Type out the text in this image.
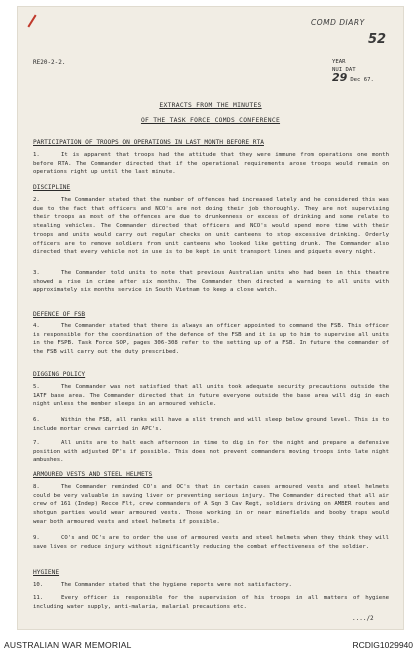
COMD DIARY
52
RE20-2-2.	YEAR
NUI DAT
29 Dec 67.
EXTRACTS FROM THE MINUTES
OF THE TASK FORCE COMDS CONFERENCE
PARTICIPATION OF TROOPS ON OPERATIONS IN LAST MONTH BEFORE RTA
1.	It is apparent that troops had the attitude that they were immune from operations one month before RTA. The Commander directed that if the operational requirements arose troops would remain on operations right up until the last minute.
DISCIPLINE
2.	The Commander stated that the number of offences had increased lately and he considered this was due to the fact that officers and NCO's are not doing their job thoroughly. They are not supervising their troops as most of the offences are due to drunkenness or excess of drinking and some relate to stealing vehicles. The Commander directed that officers and NCO's would spend more time with their troops and units would carry out regular checks on unit canteens to stop excessive drinking. Orderly officers are to remove soldiers from unit canteens who looked like getting drunk. The Commander also directed that every vehicle not in use is to be kept in unit transport lines and piquets every night.
3.	The Commander told units to note that previous Australian units who had been in this theatre showed a rise in crime after six months. The Commander then directed a warning to all units with approximately six months service in South Vietnam to keep a close watch.
DEFENCE OF FSB
4.	The Commander stated that there is always an officer appointed to command the FSB. This officer is responsible for the coordination of the defence of the FSB and it is up to him to supervise all units in the FSPB. Task Force SOP, pages 306-308 refer to the setting up of a FSB. In future the commander of the FSB will carry out the duty prescribed.
DIGGING POLICY
5.	The Commander was not satisfied that all units took adequate security precautions outside the 1ATF base area. The Commander directed that in future everyone outside the base area will dig in each night unless the member sleeps in an armoured vehicle.
6.	Within the FSB, all ranks will have a slit trench and will sleep below ground level. This is to include mortar crews carried in APC's.
7.	All units are to halt each afternoon in time to dig in for the night and prepare a defensive position with adjusted DF's if possible. This does not prevent commanders moving troops into late night ambushes.
ARMOURED VESTS AND STEEL HELMETS
8.	The Commander reminded CO's and OC's that in certain cases armoured vests and steel helmets could be very valuable in saving liver or preventing serious injury. The Commander directed that all air crew of 161 (Indep) Recce Flt, crew commanders of A Sqn 3 Cav Regt, soldiers driving on AMBER routes and shotgun parties would wear armoured vests. Those working in or near minefields and booby traps would wear both armoured vests and steel helmets if possible.
9.	CO's and OC's are to order the use of armoured vests and steel helmets when they think they will save lives or reduce injury without significantly reducing the combat effectiveness of the soldier.
HYGIENE
10.	The Commander stated that the hygiene reports were not satisfactory.
11.	Every officer is responsible for the supervision of his troops in all matters of hygiene including water supply, anti-malaria, malarial precautions etc.
..../2
AUSTRALIAN WAR MEMORIAL	RCDIG1029940
